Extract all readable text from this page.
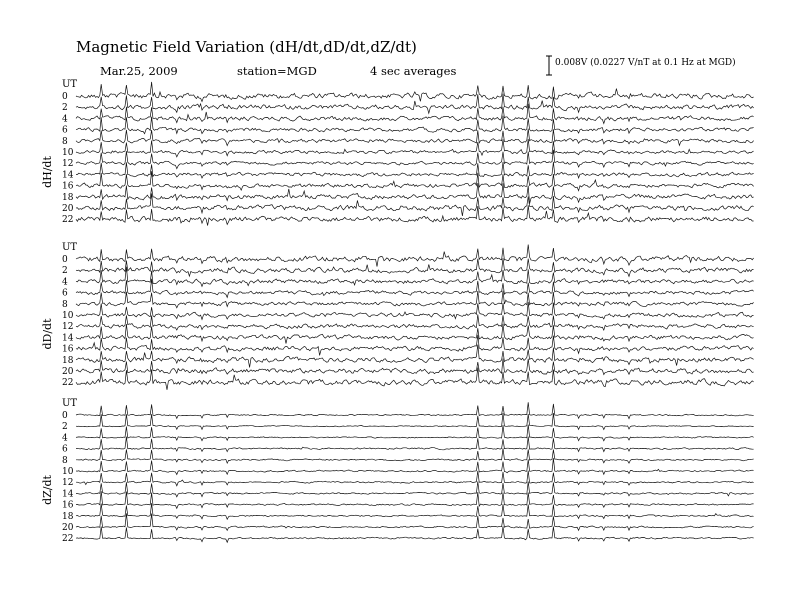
Magnetic Field Variation (dH/dt,dD/dt,dZ/dt)
Mar.25, 2009	station=MGD	4 sec averages
0.008V (0.0227 V/nT at 0.1 Hz at MGD)
UT
dH/dt
0
2
4
6
8
10
12
14
16
18
20
22
UT
dD/dt
0
2
4
6
8
10
12
14
16
18
20
22
UT
dZ/dt
0
2
4
6
8
10
12
14
16
18
20
22
